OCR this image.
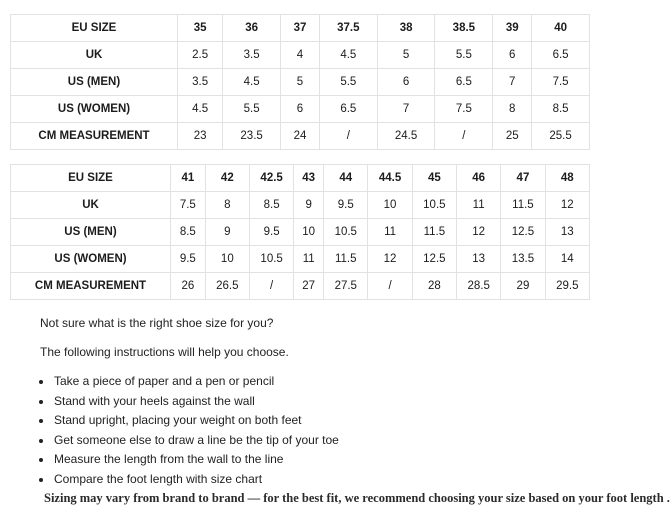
EU SIZE	35	36	37	37.5	38	38.5	39	40
UK	2.5	3.5	4	4.5	5	5.5	6	6.5
US (MEN)	3.5	4.5	5	5.5	6	6.5	7	7.5
US (WOMEN)	4.5	5.5	6	6.5	7	7.5	8	8.5
CM MEASUREMENT	23	23.5	24	/	24.5	/	25	25.5
EU SIZE	41	42	42.5	43	44	44.5	45	46	47	48
UK	7.5	8	8.5	9	9.5	10	10.5	11	11.5	12
US (MEN)	8.5	9	9.5	10	10.5	11	11.5	12	12.5	13
US (WOMEN)	9.5	10	10.5	11	11.5	12	12.5	13	13.5	14
CM MEASUREMENT	26	26.5	/	27	27.5	/	28	28.5	29	29.5

Not sure what is the right shoe size for you?

The following instructions will help you choose.

• Take a piece of paper and a pen or pencil
• Stand with your heels against the wall
• Stand upright, placing your weight on both feet
• Get someone else to draw a line be the tip of your toe
• Measure the length from the wall to the line
• Compare the foot length with size chart
Sizing may vary from brand to brand — for the best fit, we recommend choosing your size based on your foot length .
